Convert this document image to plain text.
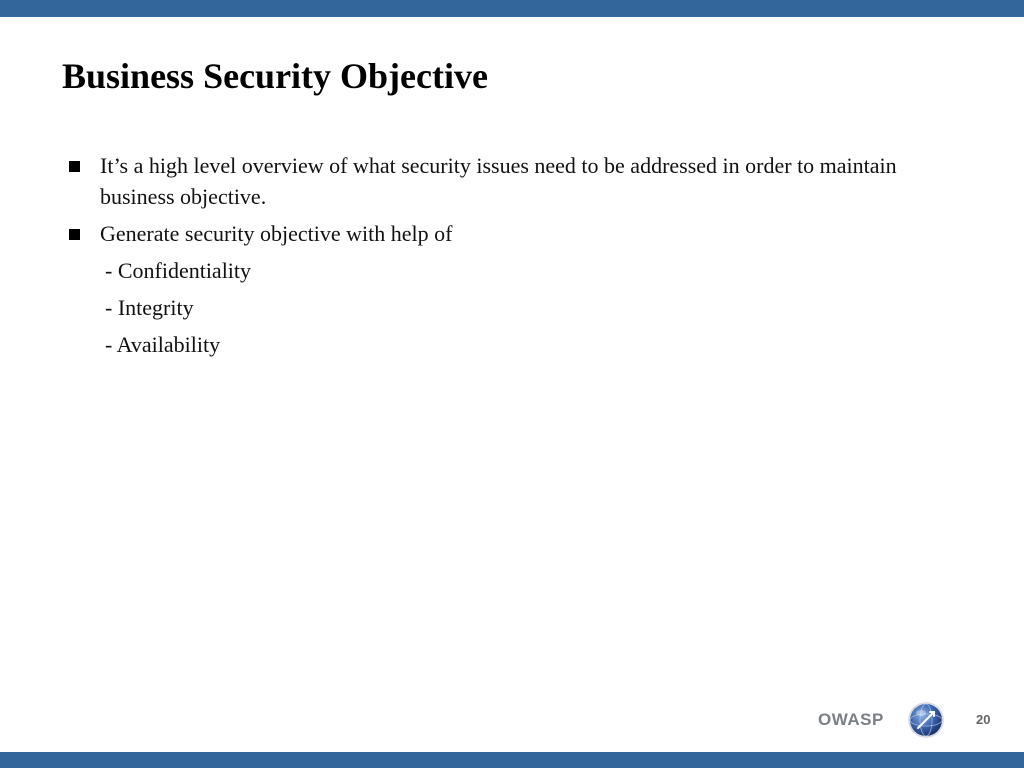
Business Security Objective
It’s a high level overview of what security issues need to be addressed in order to maintain business objective.
Generate security objective with help of
- Confidentiality
- Integrity
- Availability
OWASP	20
